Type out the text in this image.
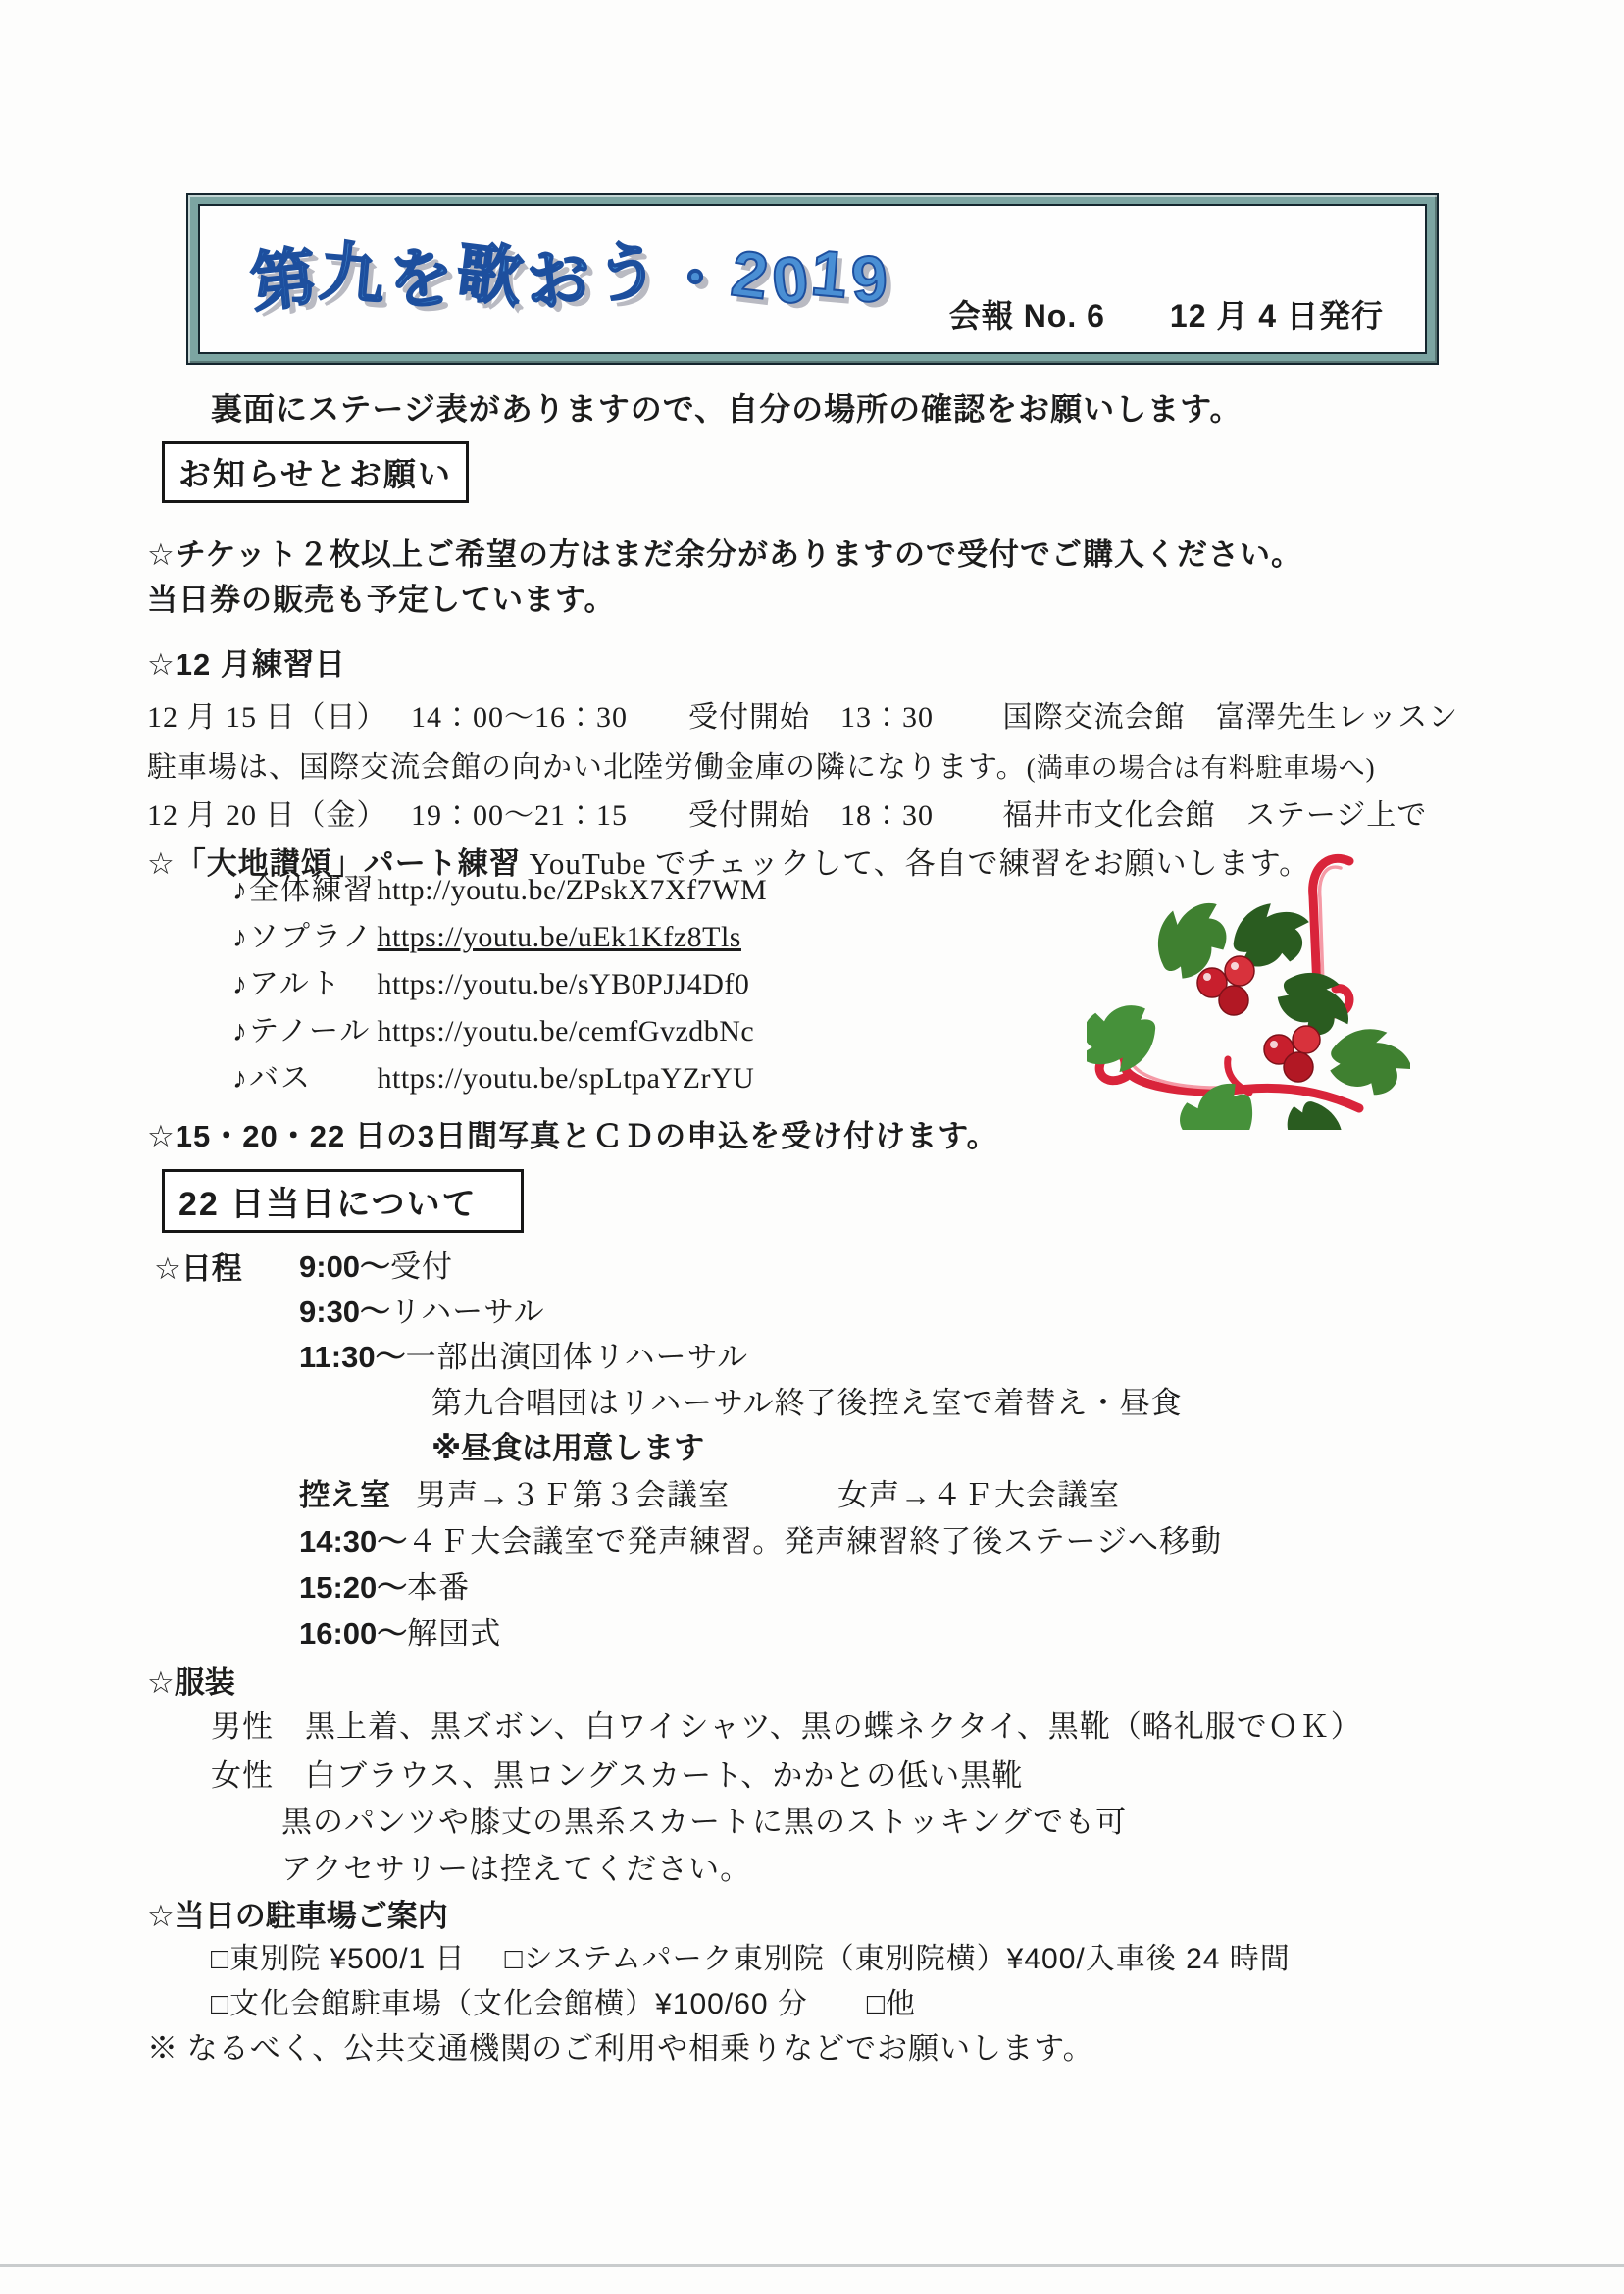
第九を歌おう・2019
会報 No. 6　　12 月 4 日発行
裏面にステージ表がありますので、自分の場所の確認をお願いします。
お知らせとお願い
☆チケット２枚以上ご希望の方はまだ余分がありますので受付でご購入ください。
当日券の販売も予定しています。
☆12 月練習日
12 月 15 日（日）　 14：00～16：30　　受付開始　13：30　　 国際交流会館　富澤先生レッスン
駐車場は、国際交流会館の向かい北陸労働金庫の隣になります。(満車の場合は有料駐車場へ)
12 月 20 日（金）　 19：00～21：15　　受付開始　18：30　　 福井市文化会館　ステージ上で
☆「大地讃頌」パート練習 YouTube でチェックして、各自で練習をお願いします。
♪全体練習 http://youtu.be/ZPskX7Xf7WM
♪ソプラノ https://youtu.be/uEk1Kfz8Tls
♪アルト https://youtu.be/sYB0PJJ4Df0
♪テノール https://youtu.be/cemfGvzdbNc
♪バス https://youtu.be/spLtpaYZrYU
☆15・20・22 日の3日間写真とＣＤの申込を受け付けます。
22 日当日について
☆日程 9:00～受付
9:30～リハーサル
11:30～一部出演団体リハーサル
第九合唱団はリハーサル終了後控え室で着替え・昼食
※昼食は用意します
控え室 男声→３Ｆ第３会議室	女声→４Ｆ大会議室
14:30～４Ｆ大会議室で発声練習。発声練習終了後ステージへ移動
15:20～本番
16:00～解団式
☆服装
男性 黒上着、黒ズボン、白ワイシャツ、黒の蝶ネクタイ、黒靴（略礼服でＯＫ）
女性 白ブラウス、黒ロングスカート、かかとの低い黒靴
黒のパンツや膝丈の黒系スカートに黒のストッキングでも可
アクセサリーは控えてください。
☆当日の駐車場ご案内
□東別院 ¥500/1 日 □システムパーク東別院（東別院横）¥400/入車後 24 時間
□文化会館駐車場（文化会館横）¥100/60 分 □他
※ なるべく、公共交通機関のご利用や相乗りなどでお願いします。
